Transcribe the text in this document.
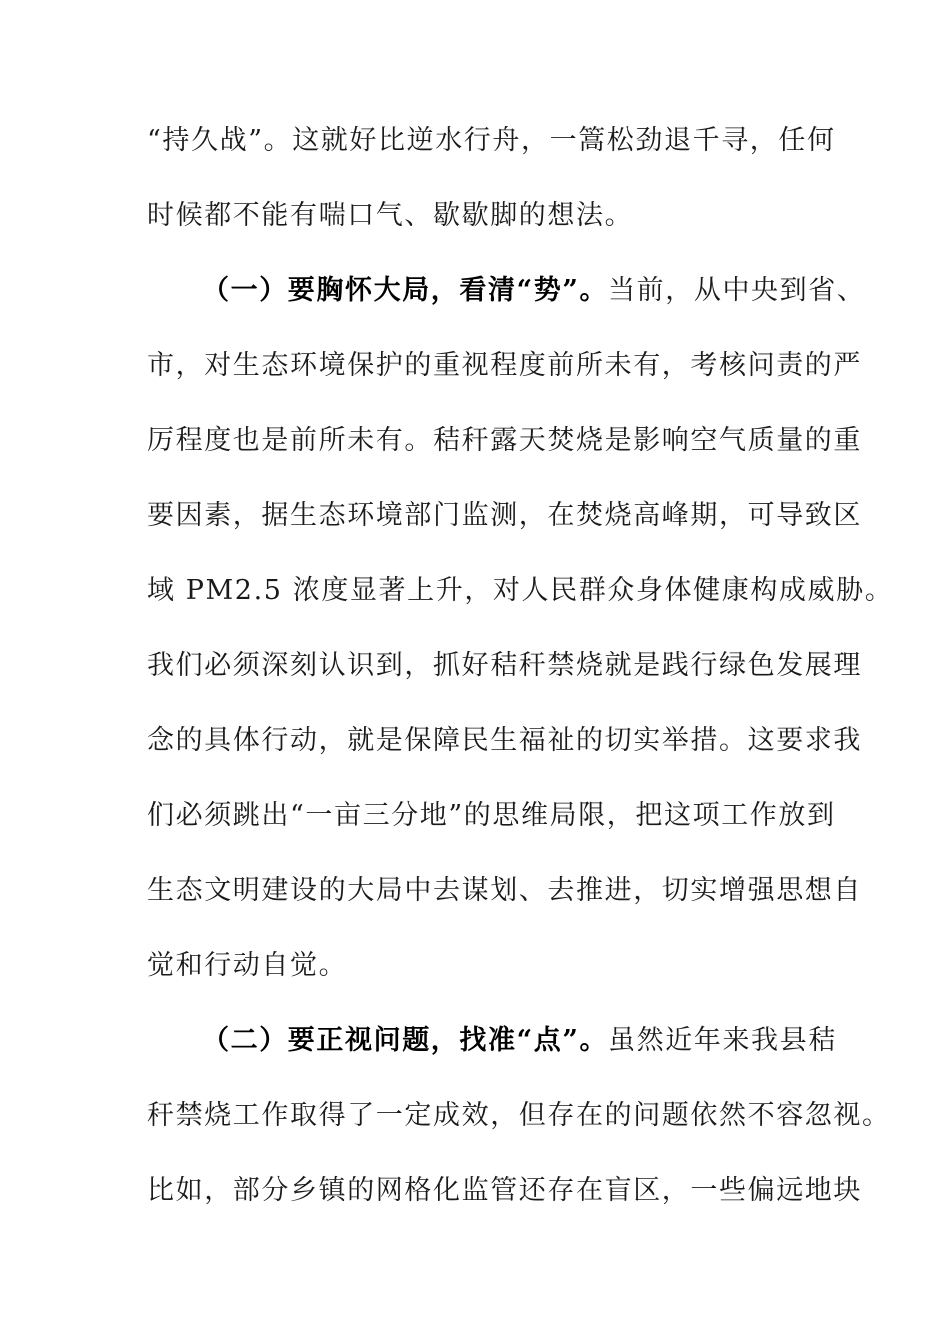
“持久战”。这就好比逆水行舟，一篙松劲退千寻，任何
时候都不能有喘口气、歇歇脚的想法。
（一）要胸怀大局，看清“势”。当前，从中央到省、
市，对生态环境保护的重视程度前所未有，考核问责的严
厉程度也是前所未有。秸秆露天焚烧是影响空气质量的重
要因素，据生态环境部门监测，在焚烧高峰期，可导致区
域 PM2.5 浓度显著上升，对人民群众身体健康构成威胁。
我们必须深刻认识到，抓好秸秆禁烧就是践行绿色发展理
念的具体行动，就是保障民生福祉的切实举措。这要求我
们必须跳出“一亩三分地”的思维局限，把这项工作放到
生态文明建设的大局中去谋划、去推进，切实增强思想自
觉和行动自觉。
（二）要正视问题，找准“点”。虽然近年来我县秸
秆禁烧工作取得了一定成效，但存在的问题依然不容忽视。
比如，部分乡镇的网格化监管还存在盲区，一些偏远地块
